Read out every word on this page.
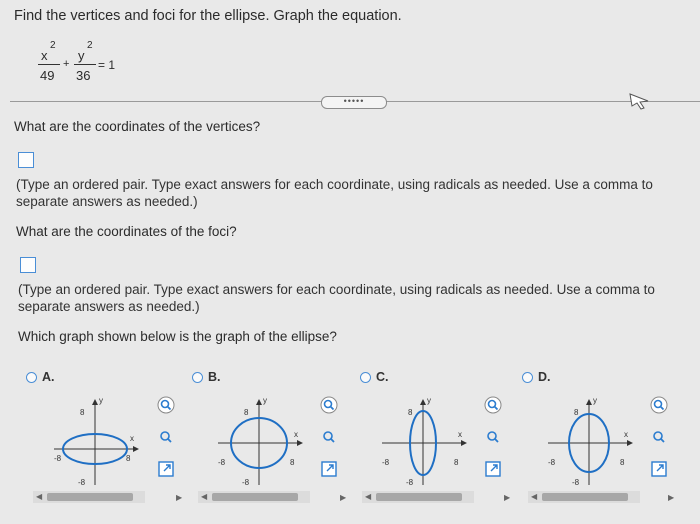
Find the vertices and foci for the ellipse. Graph the equation.
x
2
49
+
y
2
36
= 1
•••••
What are the coordinates of the vertices?
(Type an ordered pair. Type exact answers for each coordinate, using radicals as needed. Use a comma to
separate answers as needed.)
What are the coordinates of the foci?
(Type an ordered pair. Type exact answers for each coordinate, using radicals as needed. Use a comma to
separate answers as needed.)
Which graph shown below is the graph of the ellipse?
A.
y
x
8
-8
-8	8
◀	▶
B.
y
x
8
-8
-8	8
◀	▶
C.
y
x
8
-8
-8	8
◀	▶
D.
y
x
8
-8
-8	8
◀	▶
